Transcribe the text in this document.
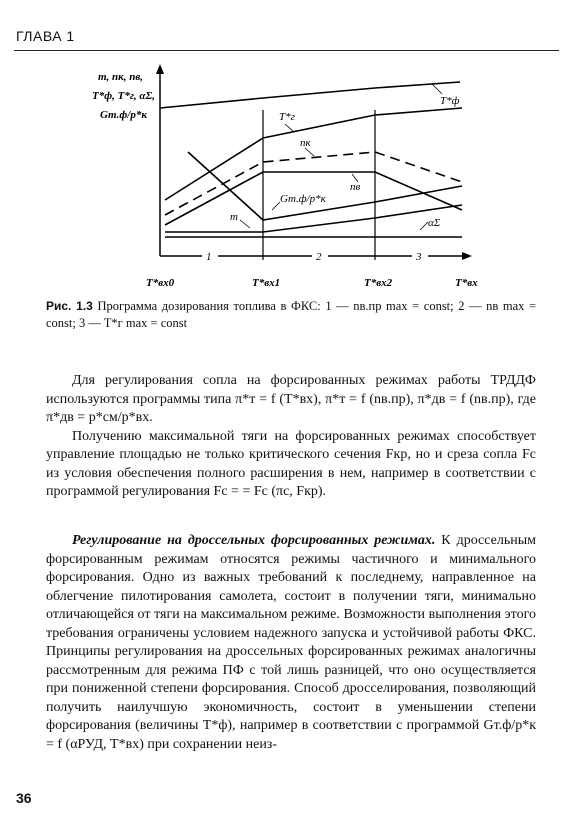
ГЛАВА 1
m, nк, nв,
T*ф, T*г, αΣ,
Gт.ф/p*к
T*ф
T*г
nк
nв
Gт.ф/p*к
m	αΣ
1	2	3
T*вх0	T*вх1	T*вх2	T*вх
Рис. 1.3 Программа дозирования топлива в ФКС: 1 — nв.пр max = const; 2 — nв max = const; 3 — T*г max = const

Для регулирования сопла на форсированных режимах работы ТРДДФ используются программы типа π*т = f (T*вх), π*т = f (nв.пр), π*дв = f (nв.пр), где π*дв = p*см/p*вх.

Получению максимальной тяги на форсированных режимах способствует управление площадью не только критического сечения Fкр, но и среза сопла Fc из условия обеспечения полного расширения в нем, например в соответствии с программой регулирования Fc = = Fc (πc, Fкр).

Регулирование на дроссельных форсированных режимах. К дроссельным форсированным режимам относятся режимы частичного и минимального форсирования. Одно из важных требований к последнему, направленное на облегчение пилотирования самолета, состоит в получении тяги, минимально отличающейся от тяги на максимальном режиме. Возможности выполнения этого требования ограничены условием надежного запуска и устойчивой работы ФКС. Принципы регулирования на дроссельных форсированных режимах аналогичны рассмотренным для режима ПФ с той лишь разницей, что оно осуществляется при пониженной степени форсирования. Способ дросселирования, позволяющий получить наилучшую экономичность, состоит в уменьшении степени форсирования (величины T*ф), например в соответствии с программой Gт.ф/p*к = f (αРУД, T*вх) при сохранении неиз-

36
